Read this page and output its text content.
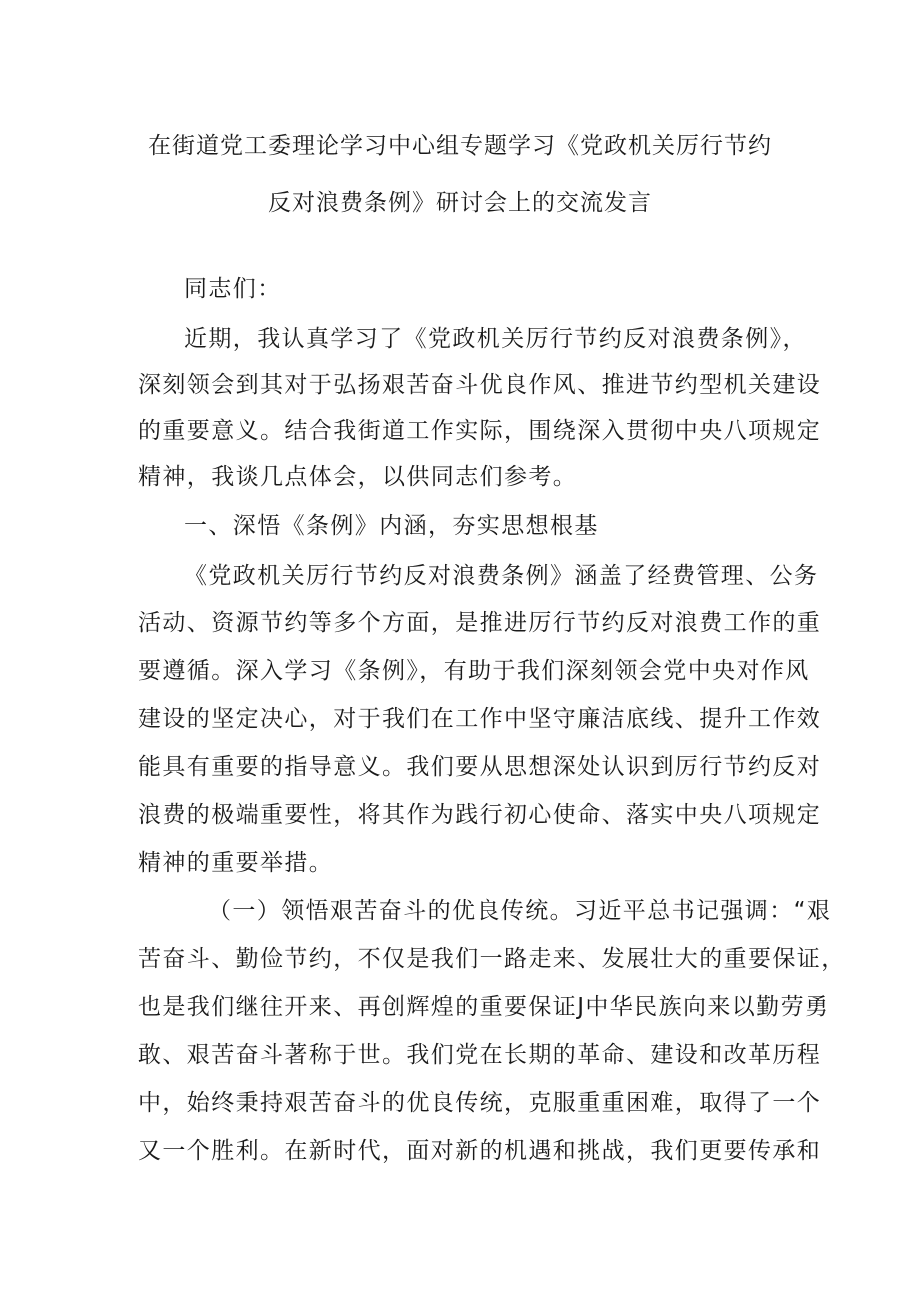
在街道党工委理论学习中心组专题学习《党政机关厉行节约
反对浪费条例》研讨会上的交流发言
同志们：
近期，我认真学习了《党政机关厉行节约反对浪费条例》，
深刻领会到其对于弘扬艰苦奋斗优良作风、推进节约型机关建设
的重要意义。结合我街道工作实际，围绕深入贯彻中央八项规定
精神，我谈几点体会，以供同志们参考。
一、深悟《条例》内涵，夯实思想根基
《党政机关厉行节约反对浪费条例》涵盖了经费管理、公务
活动、资源节约等多个方面，是推进厉行节约反对浪费工作的重
要遵循。深入学习《条例》，有助于我们深刻领会党中央对作风
建设的坚定决心，对于我们在工作中坚守廉洁底线、提升工作效
能具有重要的指导意义。我们要从思想深处认识到厉行节约反对
浪费的极端重要性，将其作为践行初心使命、落实中央八项规定
精神的重要举措。
（一）领悟艰苦奋斗的优良传统。习近平总书记强调：“艰
苦奋斗、勤俭节约，不仅是我们一路走来、发展壮大的重要保证，
也是我们继往开来、再创辉煌的重要保证J中华民族向来以勤劳勇
敢、艰苦奋斗著称于世。我们党在长期的革命、建设和改革历程
中，始终秉持艰苦奋斗的优良传统，克服重重困难，取得了一个
又一个胜利。在新时代，面对新的机遇和挑战，我们更要传承和
